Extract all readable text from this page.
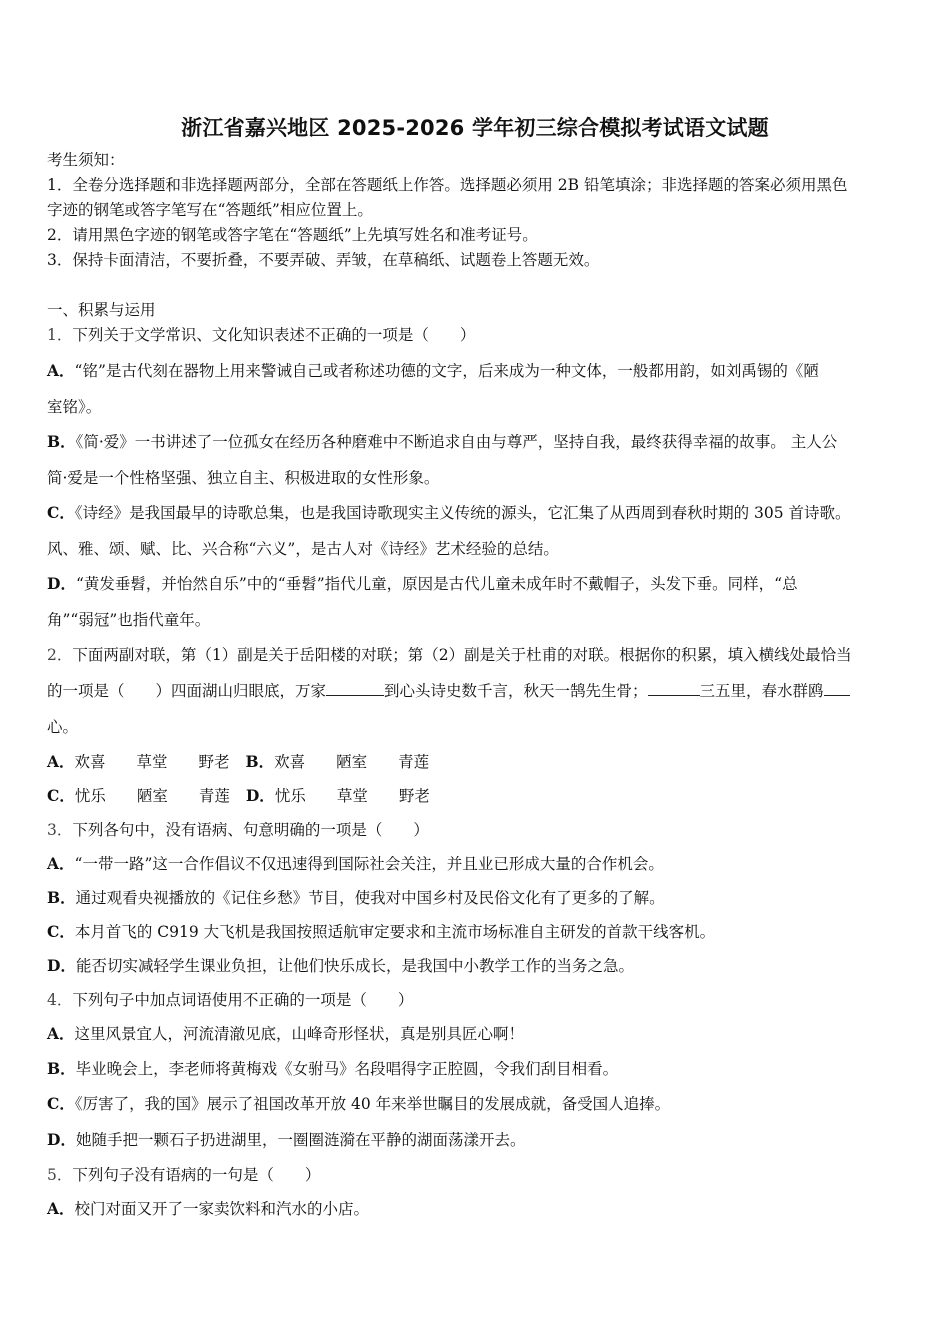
浙江省嘉兴地区 2025-2026 学年初三综合模拟考试语文试题
考生须知：
1．全卷分选择题和非选择题两部分，全部在答题纸上作答。选择题必须用 2B 铅笔填涂；非选择题的答案必须用黑色
字迹的钢笔或答字笔写在“答题纸”相应位置上。
2．请用黑色字迹的钢笔或答字笔在“答题纸”上先填写姓名和准考证号。
3．保持卡面清洁，不要折叠，不要弄破、弄皱，在草稿纸、试题卷上答题无效。
一、积累与运用
1．下列关于文学常识、文化知识表述不正确的一项是（　　）
A．“铭”是古代刻在器物上用来警诫自己或者称述功德的文字，后来成为一种文体，一般都用韵，如刘禹锡的《陋
室铭》。
B．《简·爱》一书讲述了一位孤女在经历各种磨难中不断追求自由与尊严，坚持自我，最终获得幸福的故事。 主人公
简·爱是一个性格坚强、独立自主、积极进取的女性形象。
C．《诗经》是我国最早的诗歌总集，也是我国诗歌现实主义传统的源头，它汇集了从西周到春秋时期的 305 首诗歌。
风、雅、颂、赋、比、兴合称“六义”，是古人对《诗经》艺术经验的总结。
D．“黄发垂髫，并怡然自乐”中的“垂髫”指代儿童，原因是古代儿童未成年时不戴帽子，头发下垂。同样，“总
角”“弱冠”也指代童年。
2．下面两副对联，第（1）副是关于岳阳楼的对联；第（2）副是关于杜甫的对联。根据你的积累，填入横线处最恰当
的一项是（　　）四面湖山归眼底，万家	到心头诗史数千言，秋天一鹄先生骨；	三五里，春水群鸥
心。
A．欢喜　　草堂　　野老 B．欢喜　　陋室　　青莲
C．忧乐　　陋室　　青莲 D．忧乐　　草堂　　野老
3．下列各句中，没有语病、句意明确的一项是（　　）
A．“一带一路”这一合作倡议不仅迅速得到国际社会关注，并且业已形成大量的合作机会。
B．通过观看央视播放的《记住乡愁》节目，使我对中国乡村及民俗文化有了更多的了解。
C．本月首飞的 C919 大飞机是我国按照适航审定要求和主流市场标准自主研发的首款干线客机。
D．能否切实减轻学生课业负担，让他们快乐成长，是我国中小教学工作的当务之急。
4．下列句子中加点词语使用不正确的一项是（　　）
A．这里风景宜人，河流清澈见底，山峰奇形怪状，真是别具匠心啊！
B．毕业晚会上，李老师将黄梅戏《女驸马》名段唱得字正腔圆，令我们刮目相看。
C．《厉害了，我的国》展示了祖国改革开放 40 年来举世瞩目的发展成就，备受国人追捧。
D．她随手把一颗石子扔进湖里，一圈圈涟漪在平静的湖面荡漾开去。
5．下列句子没有语病的一句是（　　）
A．校门对面又开了一家卖饮料和汽水的小店。
